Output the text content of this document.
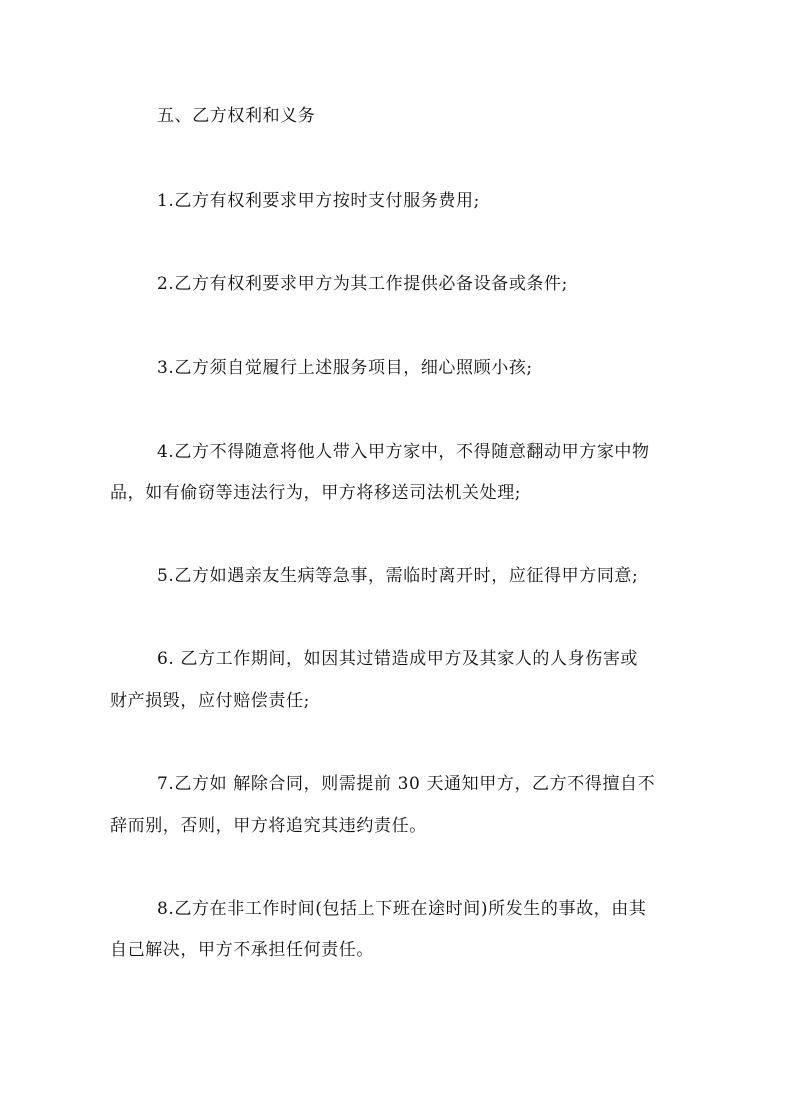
五、乙方权利和义务
1.乙方有权利要求甲方按时支付服务费用;
2.乙方有权利要求甲方为其工作提供必备设备或条件;
3.乙方须自觉履行上述服务项目，细心照顾小孩;
4.乙方不得随意将他人带入甲方家中，不得随意翻动甲方家中物
品，如有偷窃等违法行为，甲方将移送司法机关处理;
5.乙方如遇亲友生病等急事，需临时离开时，应征得甲方同意;
6. 乙方工作期间，如因其过错造成甲方及其家人的人身伤害或
财产损毁，应付赔偿责任;
7.乙方如 解除合同，则需提前 30 天通知甲方，乙方不得擅自不
辞而别，否则，甲方将追究其违约责任。
8.乙方在非工作时间(包括上下班在途时间)所发生的事故，由其
自己解决，甲方不承担任何责任。
